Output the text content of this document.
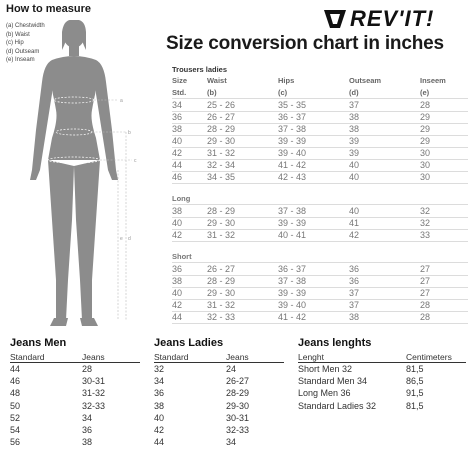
How to measure
(a) Chestwidth
(b) Waist
(c) Hip
(d) Outseam
(e) Inseam
a
b
c
d
e
REV'IT!
Size conversion chart in inches
Trousers ladies
Size	Waist	Hips	Outseam	Inseem
Std.	(b)	(c)	(d)	(e)
34	25 - 26	35 - 35	37	28
36	26 - 27	36 - 37	38	29
38	28 - 29	37 - 38	38	29
40	29 - 30	39 - 39	39	29
42	31 - 32	39 - 40	39	30
44	32 - 34	41 - 42	40	30
46	34 - 35	42 - 43	40	30
Long
38	28 - 29	37 - 38	40	32
40	29 - 30	39 - 39	41	32
42	31 - 32	40 - 41	42	33
Short
36	26 - 27	36 - 37	36	27
38	28 - 29	37 - 38	36	27
40	29 - 30	39 - 39	37	27
42	31 - 32	39 - 40	37	28
44	32 - 33	41 - 42	38	28
Jeans Men
Standard	Jeans
44	28
46	30-31
48	31-32
50	32-33
52	34
54	36
56	38
Jeans Ladies
Standard	Jeans
32	24
34	26-27
36	28-29
38	29-30
40	30-31
42	32-33
44	34
Jeans lenghts
Lenght	Centimeters
Short Men 32	81,5
Standard Men 34	86,5
Long Men 36	91,5
Standard Ladies 32	81,5
